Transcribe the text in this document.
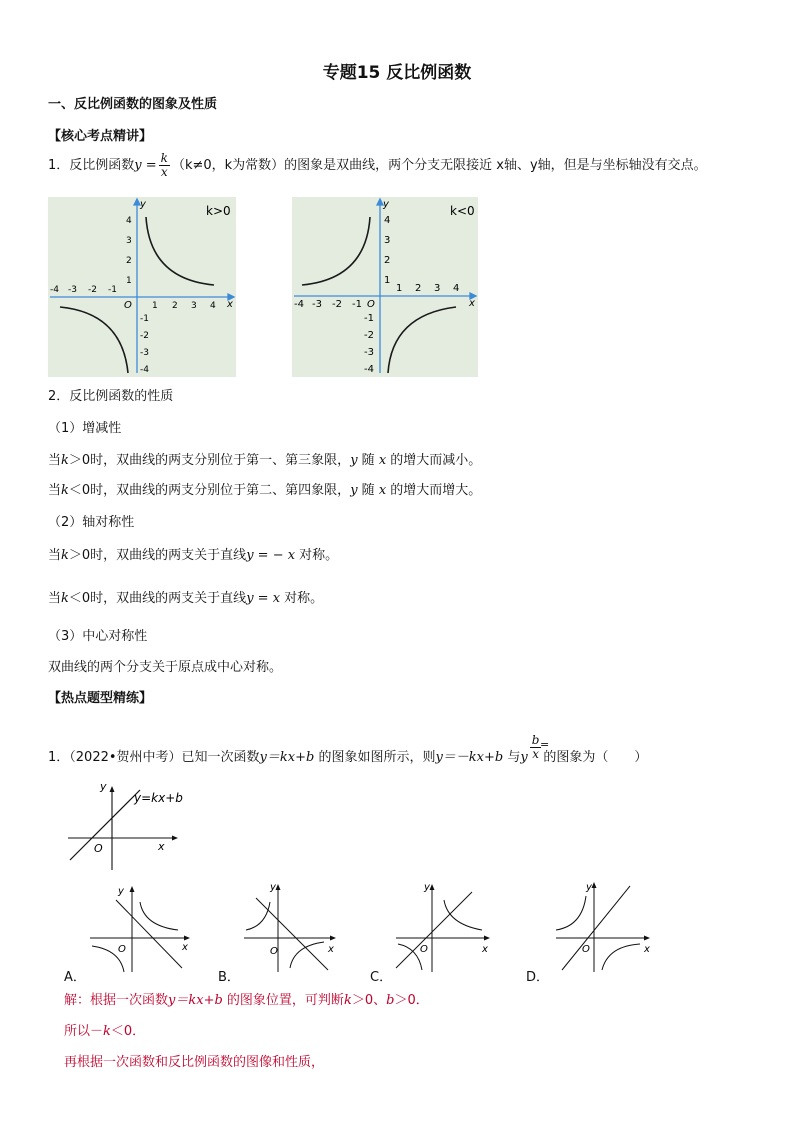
专题15 反比例函数
一、反比例函数的图象及性质
【核心考点精讲】
1．反比例函数$y = \frac{k}{x} (k\ne 0$，k为常数）的图象是双曲线，两个分支无限接近 x轴、y轴，但是与坐标轴没有交点。
k>0
y
x
O
-4 -3 -2 -1
1 2 3 4
4
3
2
1
-1
-2
-3
-4
k<0
y
x
O
-4 -3 -2 -1
1 2 3 4
4
3
2
1
-1
-2
-3
-4
2．反比例函数的性质
（1）增减性
当k＞0时，双曲线的两支分别位于第一、第三象限，y 随 x 的增大而减小。
当k＜0时，双曲线的两支分别位于第二、第四象限，y 随 x 的增大而增大。
（2）轴对称性
当k＞0时，双曲线的两支关于直线y = − x 对称。
当k＜0时，双曲线的两支关于直线y = x 对称。
（3）中心对称性
双曲线的两个分支关于原点成中心对称。
【热点题型精练】
1．（2022•贺州中考）已知一次函数y＝kx+b 的图象如图所示，则y＝－kx+b 与y $\frac{b}{x}$ 的图象为（　　）
=
y=kx+b
y
x
O
y
x
O
A．
y
x
O
B．
y
x
O
C．
y
x
O
D．
解：根据一次函数y＝kx+b 的图象位置，可判断k＞0、b＞0．
所以－k＜0．
再根据一次函数和反比例函数的图像和性质，
